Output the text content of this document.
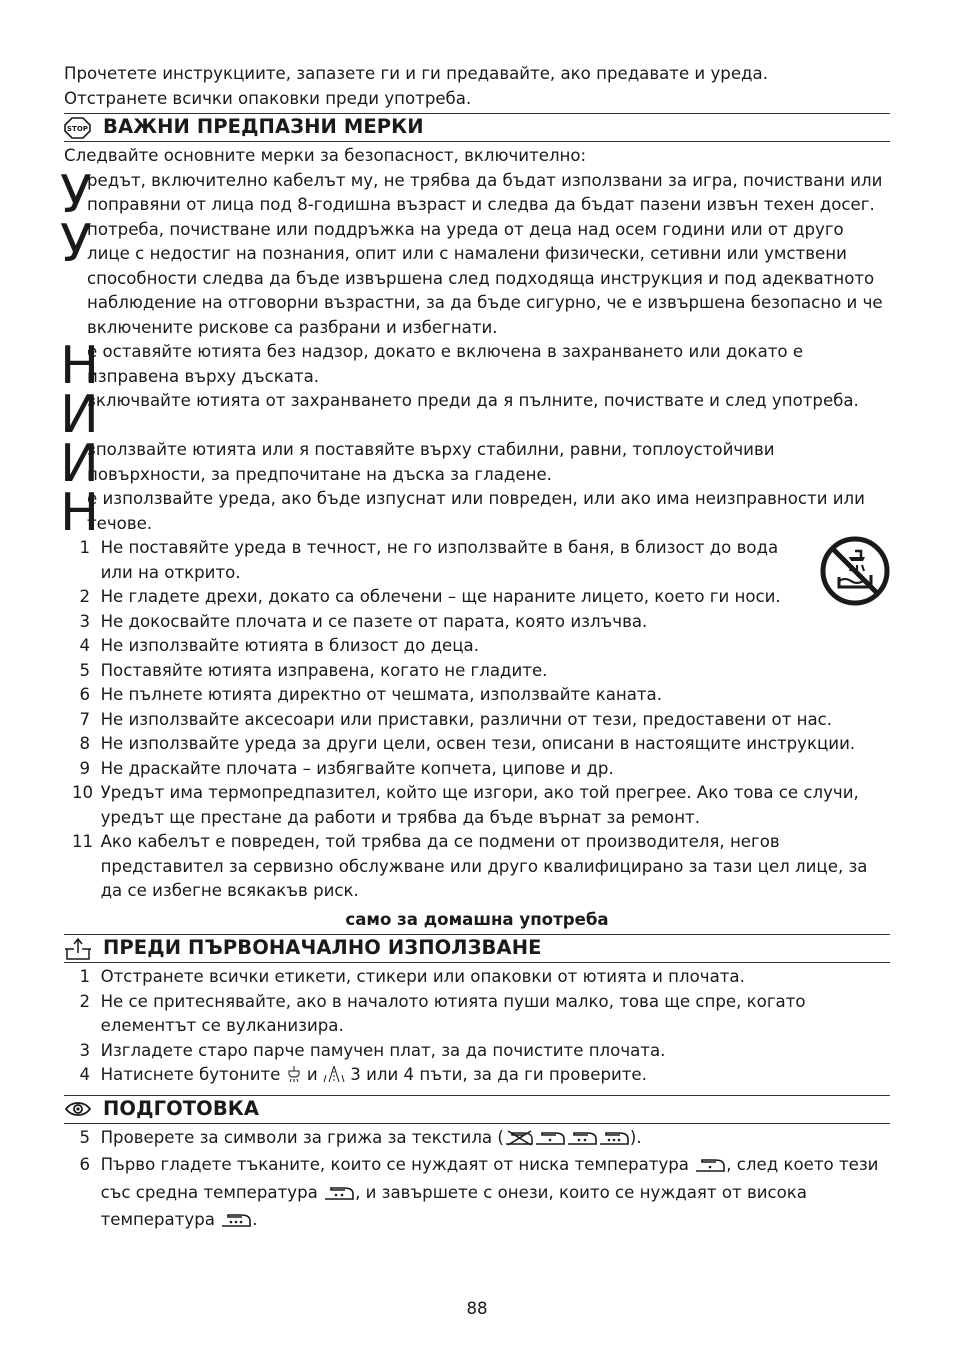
Прочетете инструкциите, запазете ги и ги предавайте, ако предавате и уреда.

Отстранете всички опаковки преди употреба.

STOP ВАЖНИ ПРЕДПАЗНИ МЕРКИ

Следвайте основните мерки за безопасност, включително:

У
редът, включително кабелът му, не трябва да бъдат използвани за игра, почиствани или поправяни от лица под 8-годишна възраст и следва да бъдат пазени извън техен досег.
У
потреба, почистване или поддръжка на уреда от деца над осем години или от друго лице с недостиг на познания, опит или с намалени физически, сетивни или умствени способности следва да бъде извършена след подходяща инструкция и под адекватното наблюдение на отговорни възрастни, за да бъде сигурно, че е извършена безопасно и че включените рискове са разбрани и избегнати.
Н
е оставяйте ютията без надзор, докато е включена в захранването или докато е изправена върху дъската.
И
зключвайте ютията от захранването преди да я пълните, почиствате и след употреба.
И
зползвайте ютията или я поставяйте върху стабилни, равни, топлоустойчиви повърхности, за предпочитане на дъска за гладене.
Н
е използвайте уреда, ако бъде изпуснат или повреден, или ако има неизправности или течове.
1
Не поставяйте уреда в течност, не го използвайте в баня, в близост до вода или на открито.
2
Не гладете дрехи, докато са облечени – ще нараните лицето, което ги носи.
3
Не докосвайте плочата и се пазете от парата, която излъчва.
4
Не използвайте ютията в близост до деца.
5
Поставяйте ютията изправена, когато не гладите.
6
Не пълнете ютията директно от чешмата, използвайте каната.
7
Не използвайте аксесоари или приставки, различни от тези, предоставени от нас.
8
Не използвайте уреда за други цели, освен тези, описани в настоящите инструкции.
9
Не драскайте плочата – избягвайте копчета, ципове и др.
10
Уредът има термопредпазител, който ще изгори, ако той прегрее. Ако това се случи, уредът ще престане да работи и трябва да бъде върнат за ремонт.
11
Ако кабелът е повреден, той трябва да се подмени от производителя, негов представител за сервизно обслужване или друго квалифицирано за тази цел лице, за да се избегне всякакъв риск.
само за домашна употреба
ПРЕДИ ПЪРВОНАЧАЛНО ИЗПОЛЗВАНЕ
1
Отстранете всички етикети, стикери или опаковки от ютията и плочата.
2
Не се притеснявайте, ако в началото ютията пуши малко, това ще спре, когато елементът се вулканизира.
3
Изгладете старо парче памучен плат, за да почистите плочата.
4
Натиснете бутоните  и  3 или 4 пъти, за да ги проверите.
ПОДГОТОВКА
5
Проверете за символи за грижа за текстила (	).
6
Първо гладете тъканите, които се нуждаят от ниска температура , след което тези със средна температура , и завършете с онези, които се нуждаят от висока температура .
88
